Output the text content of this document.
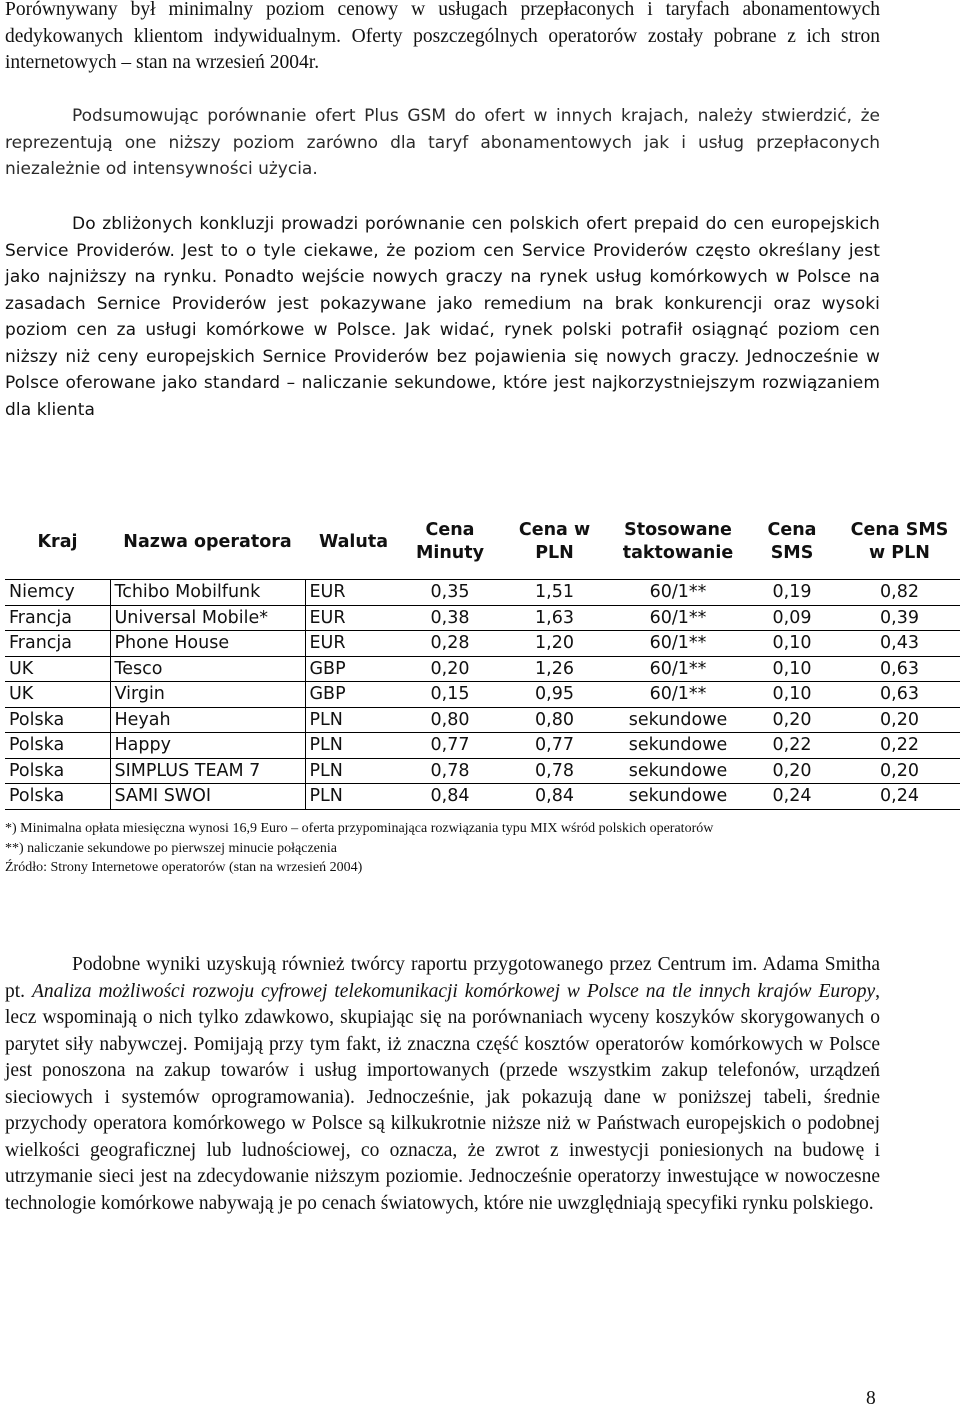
Porównywany był minimalny poziom cenowy w usługach przepłaconych i taryfach abonamentowych dedykowanych klientom indywidualnym. Oferty poszczególnych operatorów zostały pobrane z ich stron internetowych – stan na wrzesień 2004r.

Podsumowując porównanie ofert Plus GSM do ofert w innych krajach, należy stwierdzić, że reprezentują one niższy poziom zarówno dla taryf abonamentowych jak i usług przepłaconych niezależnie od intensywności użycia.

Do zbliżonych konkluzji prowadzi porównanie cen polskich ofert prepaid do cen europejskich Service Providerów. Jest to o tyle ciekawe, że poziom cen Service Providerów często określany jest jako najniższy na rynku. Ponadto wejście nowych graczy na rynek usług komórkowych w Polsce na zasadach Sernice Providerów jest pokazywane jako remedium na brak konkurencji oraz wysoki poziom cen za usługi komórkowe w Polsce. Jak widać, rynek polski potrafił osiągnąć poziom cen niższy niż ceny europejskich Sernice Providerów bez pojawienia się nowych graczy. Jednocześnie w Polsce oferowane jako standard – naliczanie sekundowe, które jest najkorzystniejszym rozwiązaniem dla klienta

Kraj	Nazwa operatora	Waluta	Cena Minuty	Cena w PLN	Stosowane taktowanie	Cena SMS	Cena SMS w PLN
Niemcy	Tchibo Mobilfunk	EUR	0,35	1,51	60/1**	0,19	0,82
Francja	Universal Mobile*	EUR	0,38	1,63	60/1**	0,09	0,39
Francja	Phone House	EUR	0,28	1,20	60/1**	0,10	0,43
UK	Tesco	GBP	0,20	1,26	60/1**	0,10	0,63
UK	Virgin	GBP	0,15	0,95	60/1**	0,10	0,63
Polska	Heyah	PLN	0,80	0,80	sekundowe	0,20	0,20
Polska	Happy	PLN	0,77	0,77	sekundowe	0,22	0,22
Polska	SIMPLUS TEAM 7	PLN	0,78	0,78	sekundowe	0,20	0,20
Polska	SAMI SWOI	PLN	0,84	0,84	sekundowe	0,24	0,24
*) Minimalna opłata miesięczna wynosi 16,9 Euro – oferta przypominająca rozwiązania typu MIX wśród polskich operatorów
**) naliczanie sekundowe po pierwszej minucie połączenia
Źródło: Strony Internetowe operatorów (stan na wrzesień 2004)

Podobne wyniki uzyskują również twórcy raportu przygotowanego przez Centrum im. Adama Smitha pt. Analiza możliwości rozwoju cyfrowej telekomunikacji komórkowej w Polsce na tle innych krajów Europy, lecz wspominają o nich tylko zdawkowo, skupiając się na porównaniach wyceny koszyków skorygowanych o parytet siły nabywczej. Pomijają przy tym fakt, iż znaczna część kosztów operatorów komórkowych w Polsce jest ponoszona na zakup towarów i usług importowanych (przede wszystkim zakup telefonów, urządzeń sieciowych i systemów oprogramowania). Jednocześnie, jak pokazują dane w poniższej tabeli, średnie przychody operatora komórkowego w Polsce są kilkukrotnie niższe niż w Państwach europejskich o podobnej wielkości geograficznej lub ludnościowej, co oznacza, że zwrot z inwestycji poniesionych na budowę i utrzymanie sieci jest na zdecydowanie niższym poziomie. Jednocześnie operatorzy inwestujące w nowoczesne technologie komórkowe nabywają je po cenach światowych, które nie uwzględniają specyfiki rynku polskiego.

8
